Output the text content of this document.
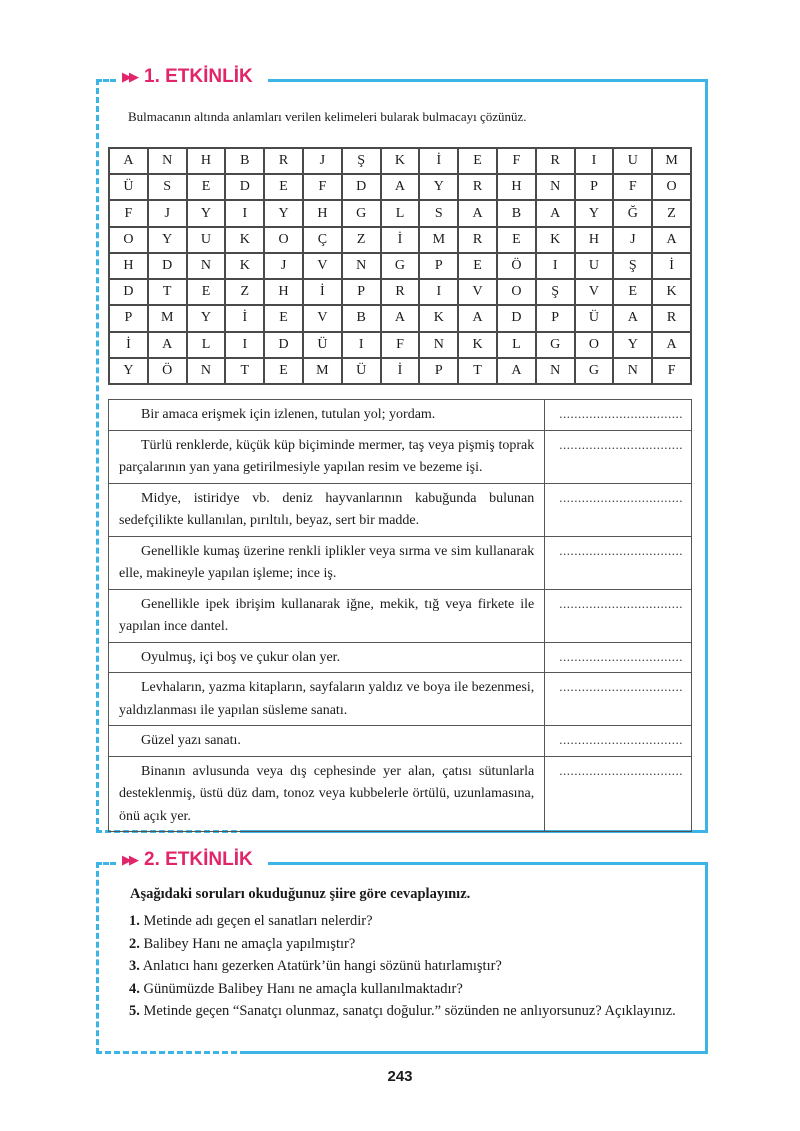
▶▶ 1. ETKİNLİK
Bulmacanın altında anlamları verilen kelimeleri bularak bulmacayı çözünüz.
A	N	H	B	R	J	Ş	K	İ	E	F	R	I	U	M
Ü	S	E	D	E	F	D	A	Y	R	H	N	P	F	O
F	J	Y	I	Y	H	G	L	S	A	B	A	Y	Ğ	Z
O	Y	U	K	O	Ç	Z	İ	M	R	E	K	H	J	A
H	D	N	K	J	V	N	G	P	E	Ö	I	U	Ş	İ
D	T	E	Z	H	İ	P	R	I	V	O	Ş	V	E	K
P	M	Y	İ	E	V	B	A	K	A	D	P	Ü	A	R
İ	A	L	I	D	Ü	I	F	N	K	L	G	O	Y	A
Y	Ö	N	T	E	M	Ü	İ	P	T	A	N	G	N	F
Bir amaca erişmek için izlenen, tutulan yol; yordam.	.................................
Türlü renklerde, küçük küp biçiminde mermer, taş veya pişmiş toprak parçalarının yan yana getirilmesiyle yapılan resim ve bezeme işi.	.................................
Midye, istiridye vb. deniz hayvanlarının kabuğunda bulunan sedefçilikte kullanılan, pırıltılı, beyaz, sert bir madde.	.................................
Genellikle kumaş üzerine renkli iplikler veya sırma ve sim kullanarak elle, makineyle yapılan işleme; ince iş.	.................................
Genellikle ipek ibrişim kullanarak iğne, mekik, tığ veya firkete ile yapılan ince dantel.	.................................
Oyulmuş, içi boş ve çukur olan yer.	.................................
Levhaların, yazma kitapların, sayfaların yaldız ve boya ile bezenmesi, yaldızlanması ile yapılan süsleme sanatı.	.................................
Güzel yazı sanatı.	.................................
Binanın avlusunda veya dış cephesinde yer alan, çatısı sütunlarla desteklenmiş, üstü düz dam, tonoz veya kubbelerle örtülü, uzunlamasına, önü açık yer.	.................................
▶▶ 2. ETKİNLİK
Aşağıdaki soruları okuduğunuz şiire göre cevaplayınız.
1. Metinde adı geçen el sanatları nelerdir?
2. Balibey Hanı ne amaçla yapılmıştır?
3. Anlatıcı hanı gezerken Atatürk’ün hangi sözünü hatırlamıştır?
4. Günümüzde Balibey Hanı ne amaçla kullanılmaktadır?
5. Metinde geçen “Sanatçı olunmaz, sanatçı doğulur.” sözünden ne anlıyorsunuz? Açıklayınız.
243
